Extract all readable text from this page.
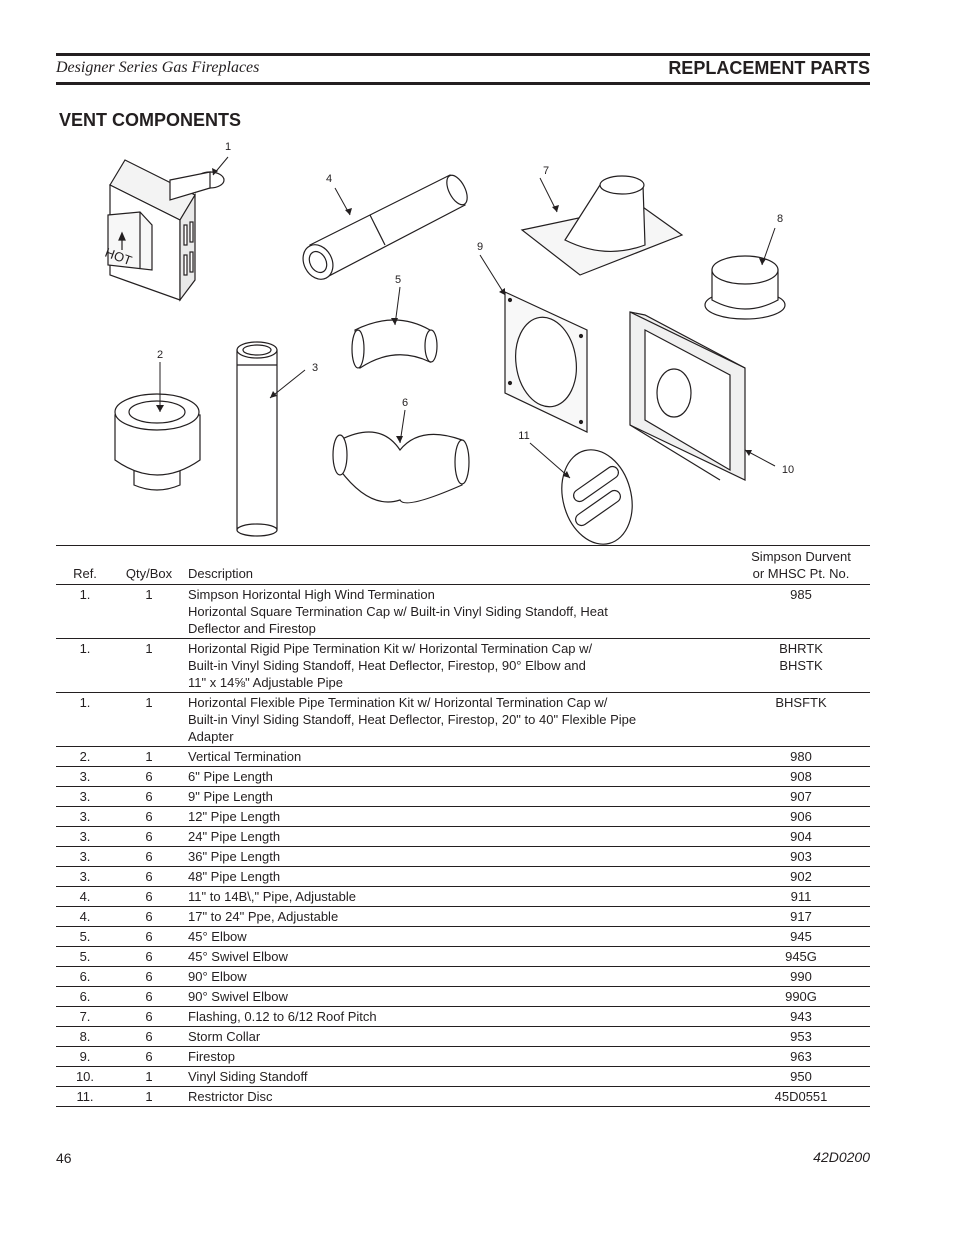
Designer Series Gas Fireplaces	REPLACEMENT PARTS
VENT COMPONENTS
1
2
3
4
5
6
7
8
9
10
11
HOT
Ref.	Qty/Box	Description	Simpson Durvent
or MHSC Pt. No.

1.	1	Simpson Horizontal High Wind Termination
Horizontal Square Termination Cap w/ Built-in Vinyl Siding Standoff, Heat
Deflector and Firestop	985

1.	1	Horizontal Rigid Pipe Termination Kit w/ Horizontal Termination Cap w/
Built-in Vinyl Siding Standoff, Heat Deflector, Firestop, 90° Elbow and
11" x 14⅝" Adjustable Pipe	BHRTK
BHSTK

1.	1	Horizontal Flexible Pipe Termination Kit w/ Horizontal Termination Cap w/
Built-in Vinyl Siding Standoff, Heat Deflector, Firestop, 20" to 40" Flexible Pipe
Adapter	BHSFTK

2.	1	Vertical Termination	980

3.	6	6" Pipe Length	908

3.	6	9" Pipe Length	907

3.	6	12" Pipe Length	906

3.	6	24" Pipe Length	904

3.	6	36" Pipe Length	903

3.	6	48" Pipe Length	902

4.	6	11" to 14B\," Pipe, Adjustable	911

4.	6	17" to 24" Ppe, Adjustable	917

5.	6	45° Elbow	945

5.	6	45° Swivel Elbow	945G

6.	6	90° Elbow	990

6.	6	90° Swivel Elbow	990G

7.	6	Flashing, 0.12 to 6/12 Roof Pitch	943

8.	6	Storm Collar	953

9.	6	Firestop	963

10.	1	Vinyl Siding Standoff	950

11.	1	Restrictor Disc	45D0551
46	42D0200
